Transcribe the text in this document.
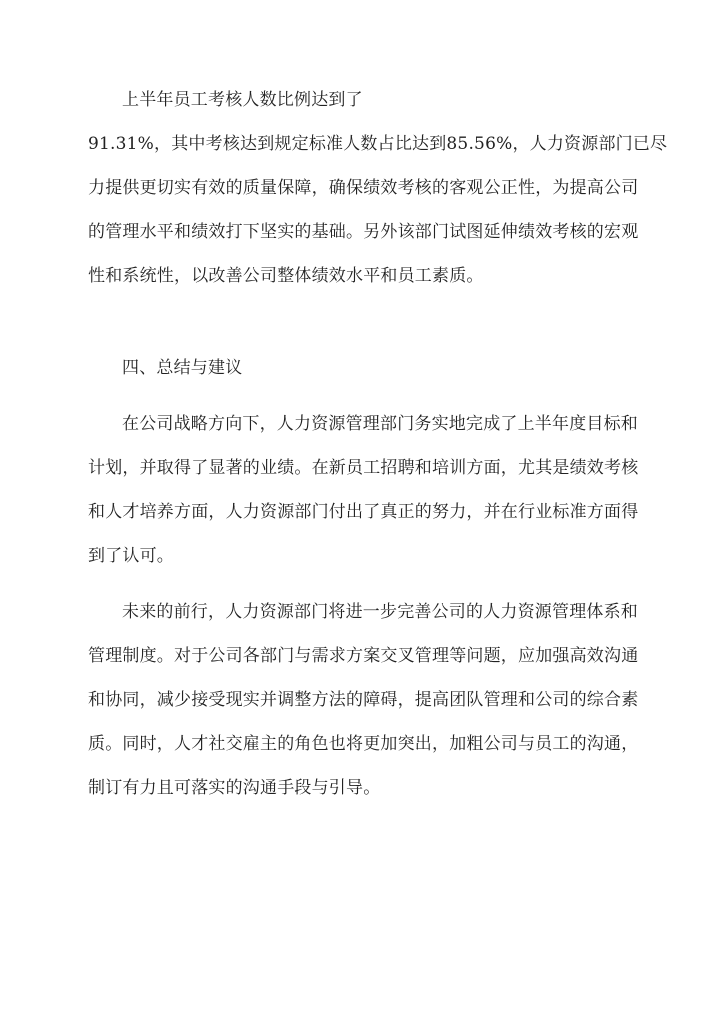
上半年员工考核人数比例达到了
91.31%，其中考核达到规定标准人数占比达到85.56%，人力资源部门已尽
力提供更切实有效的质量保障，确保绩效考核的客观公正性，为提高公司
的管理水平和绩效打下坚实的基础。另外该部门试图延伸绩效考核的宏观
性和系统性，以改善公司整体绩效水平和员工素质。
四、总结与建议
在公司战略方向下，人力资源管理部门务实地完成了上半年度目标和
计划，并取得了显著的业绩。在新员工招聘和培训方面，尤其是绩效考核
和人才培养方面，人力资源部门付出了真正的努力，并在行业标准方面得
到了认可。
未来的前行，人力资源部门将进一步完善公司的人力资源管理体系和
管理制度。对于公司各部门与需求方案交叉管理等问题，应加强高效沟通
和协同，减少接受现实并调整方法的障碍，提高团队管理和公司的综合素
质。同时，人才社交雇主的角色也将更加突出，加粗公司与员工的沟通，
制订有力且可落实的沟通手段与引导。
